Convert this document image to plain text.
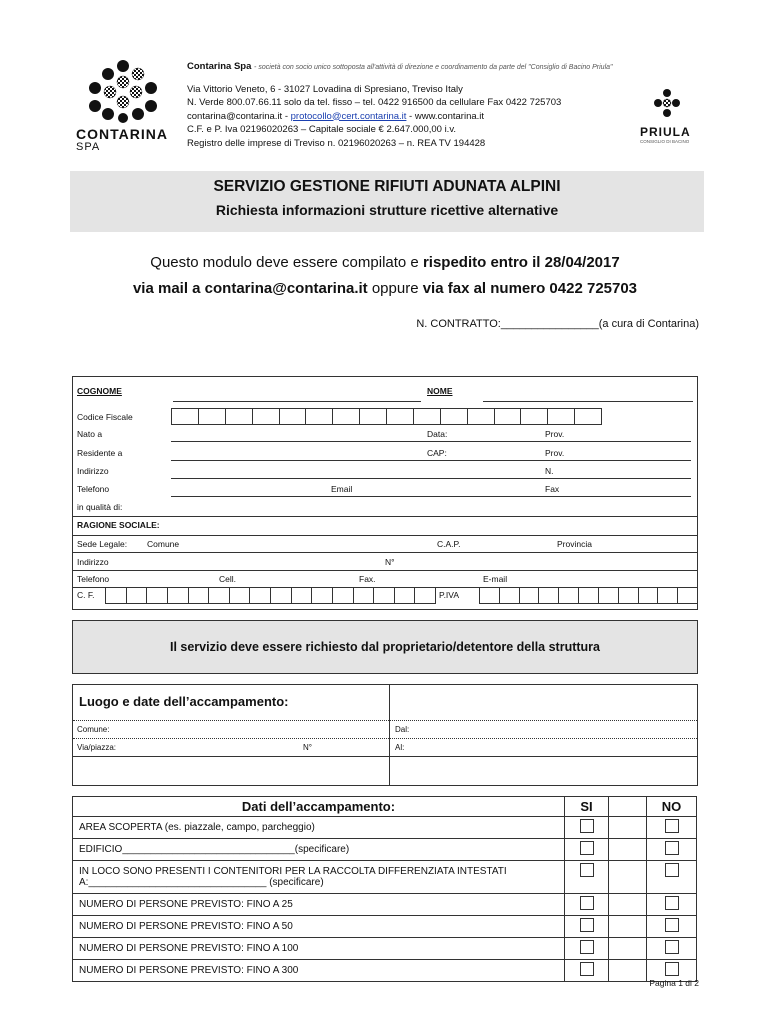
CONTARINA
SPA
Contarina Spa - società con socio unico sottoposta all'attività di direzione e coordinamento da parte del "Consiglio di Bacino Priula"
Via Vittorio Veneto, 6 - 31027 Lovadina di Spresiano, Treviso Italy
N. Verde 800.07.66.11 solo da tel. fisso – tel. 0422 916500 da cellulare Fax 0422 725703
contarina@contarina.it - protocollo@cert.contarina.it - www.contarina.it
C.F. e P. Iva 02196020263 – Capitale sociale € 2.647.000,00 i.v.
Registro delle imprese di Treviso n. 02196020263 – n. REA TV 194428
PRIULA
CONSIGLIO DI BACINO
SERVIZIO GESTIONE RIFIUTI ADUNATA ALPINI
Richiesta informazioni strutture ricettive alternative
Questo modulo deve essere compilato e rispedito entro il 28/04/2017
via mail a contarina@contarina.it oppure via fax al numero 0422 725703
N. CONTRATTO:________________(a cura di Contarina)
COGNOME	NOME
Codice Fiscale
Nato a	Data:	Prov.
Residente a	CAP:	Prov.
Indirizzo	N.
Telefono	Email	Fax
in qualità di:
RAGIONE SOCIALE:
Sede Legale: Comune	C.A.P.	Provincia
Indirizzo	N°
Telefono	Cell.	Fax.	E-mail
C. F.	P.IVA
Il servizio deve essere richiesto dal proprietario/detentore della struttura
Luogo e date dell’accampamento:
Comune:	Dal:
Via/piazza:	N°	Al:
Dati dell’accampamento:	SI		NO
AREA SCOPERTA (es. piazzale, campo, parcheggio)			
EDIFICIO_______________________________(specificare)			
IN LOCO SONO PRESENTI I CONTENITORI PER LA RACCOLTA DIFFERENZIATA INTESTATI A:________________________________ (specificare)			
NUMERO DI PERSONE PREVISTO: FINO A 25			
NUMERO DI PERSONE PREVISTO: FINO A 50			
NUMERO DI PERSONE PREVISTO: FINO A 100			
NUMERO DI PERSONE PREVISTO: FINO A 300			
Pagina 1 di 2
